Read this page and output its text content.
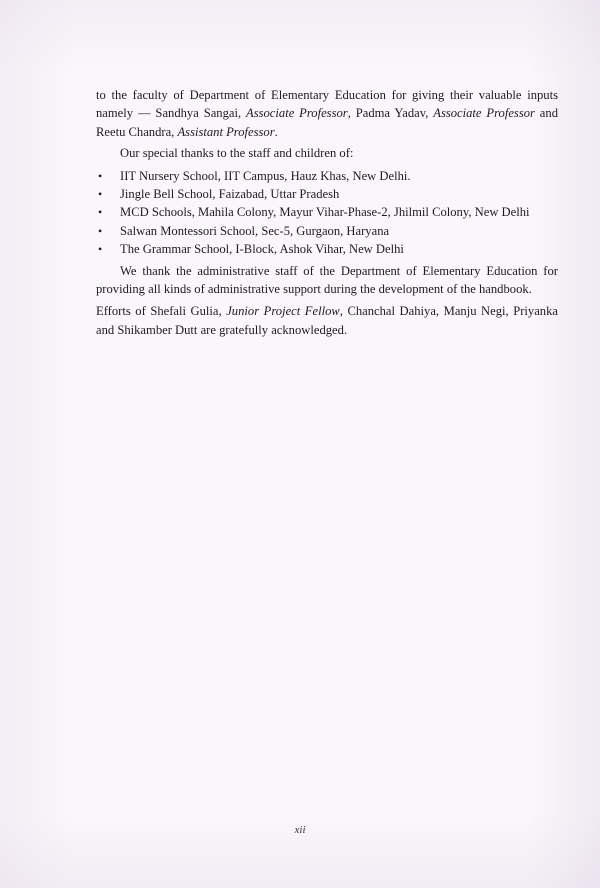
to the faculty of Department of Elementary Education for giving their valuable inputs namely — Sandhya Sangai, Associate Professor, Padma Yadav, Associate Professor and Reetu Chandra, Assistant Professor.

Our special thanks to the staff and children of:

• IIT Nursery School, IIT Campus, Hauz Khas, New Delhi.
• Jingle Bell School, Faizabad, Uttar Pradesh
• MCD Schools, Mahila Colony, Mayur Vihar-Phase-2, Jhilmil Colony, New Delhi
• Salwan Montessori School, Sec-5, Gurgaon, Haryana
• The Grammar School, I-Block, Ashok Vihar, New Delhi

We thank the administrative staff of the Department of Elementary Education for providing all kinds of administrative support during the development of the handbook.

Efforts of Shefali Gulia, Junior Project Fellow, Chanchal Dahiya, Manju Negi, Priyanka and Shikamber Dutt are gratefully acknowledged.

xii
